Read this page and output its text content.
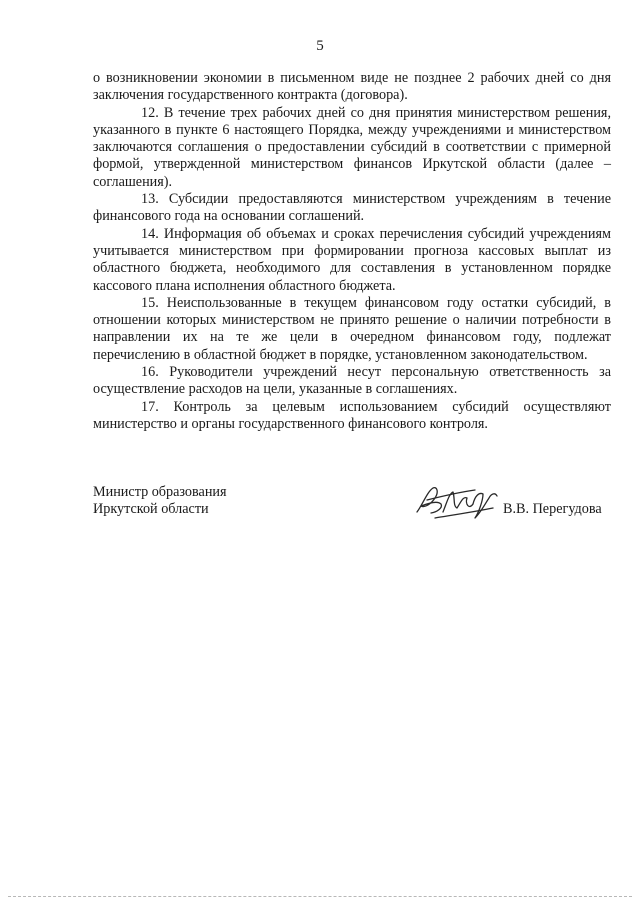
5

о возникновении экономии в письменном виде не позднее 2 рабочих дней со дня заключения государственного контракта (договора).

12. В течение трех рабочих дней со дня принятия министерством решения, указанного в пункте 6 настоящего Порядка, между учреждениями и министерством заключаются соглашения о предоставлении субсидий в соответствии с примерной формой, утвержденной министерством финансов Иркутской области (далее – соглашения).

13. Субсидии предоставляются министерством учреждениям в течение финансового года на основании соглашений.

14. Информация об объемах и сроках перечисления субсидий учреждениям учитывается министерством при формировании прогноза кассовых выплат из областного бюджета, необходимого для составления в установленном порядке кассового плана исполнения областного бюджета.

15. Неиспользованные в текущем финансовом году остатки субсидий, в отношении которых министерством не принято решение о наличии потребности в направлении их на те же цели в очередном финансовом году, подлежат перечислению в областной бюджет в порядке, установленном законодательством.

16. Руководители учреждений несут персональную ответственность за осуществление расходов на цели, указанные в соглашениях.

17. Контроль за целевым использованием субсидий осуществляют министерство и органы государственного финансового контроля.

Министр образования
Иркутской области	В.В. Перегудова
